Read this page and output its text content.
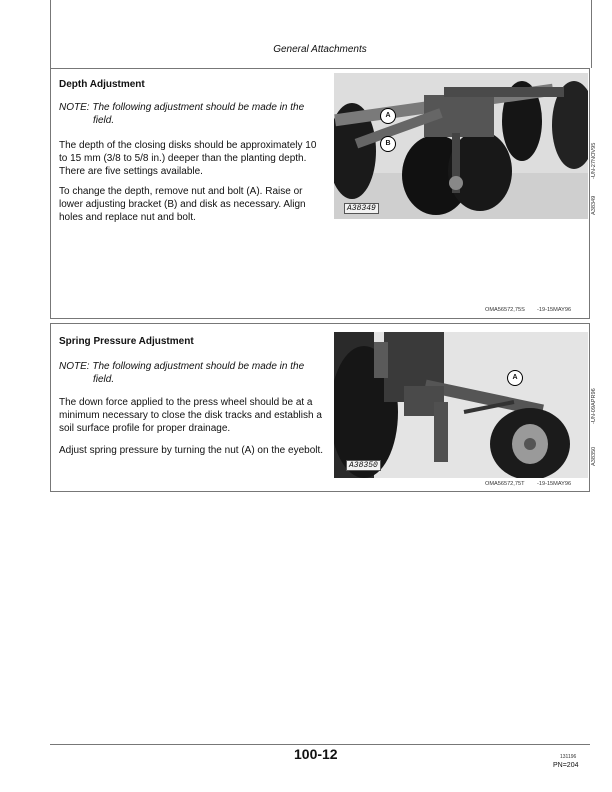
General Attachments
Depth Adjustment
NOTE: The following adjustment should be made in the
field.
The depth of the closing disks should be approximately 10 to 15 mm (3/8 to 5/8 in.) deeper than the planting depth. There are five settings available.
To change the depth, remove nut and bolt (A). Raise or lower adjusting bracket (B) and disk as necessary. Align holes and replace nut and bolt.
A
B
A38349
-UN-27NOV95
A38349
OMA56572,75S -19-15MAY96
Spring Pressure Adjustment
NOTE: The following adjustment should be made in the
field.
The down force applied to the press wheel should be at a minimum necessary to close the disk tracks and establish a soil surface profile for proper drainage.
Adjust spring pressure by turning the nut (A) on the eyebolt.
A
A38350
-UN-09APR96
A38350
OMA56572,75T -19-15MAY96
100-12	131196
PN=204
